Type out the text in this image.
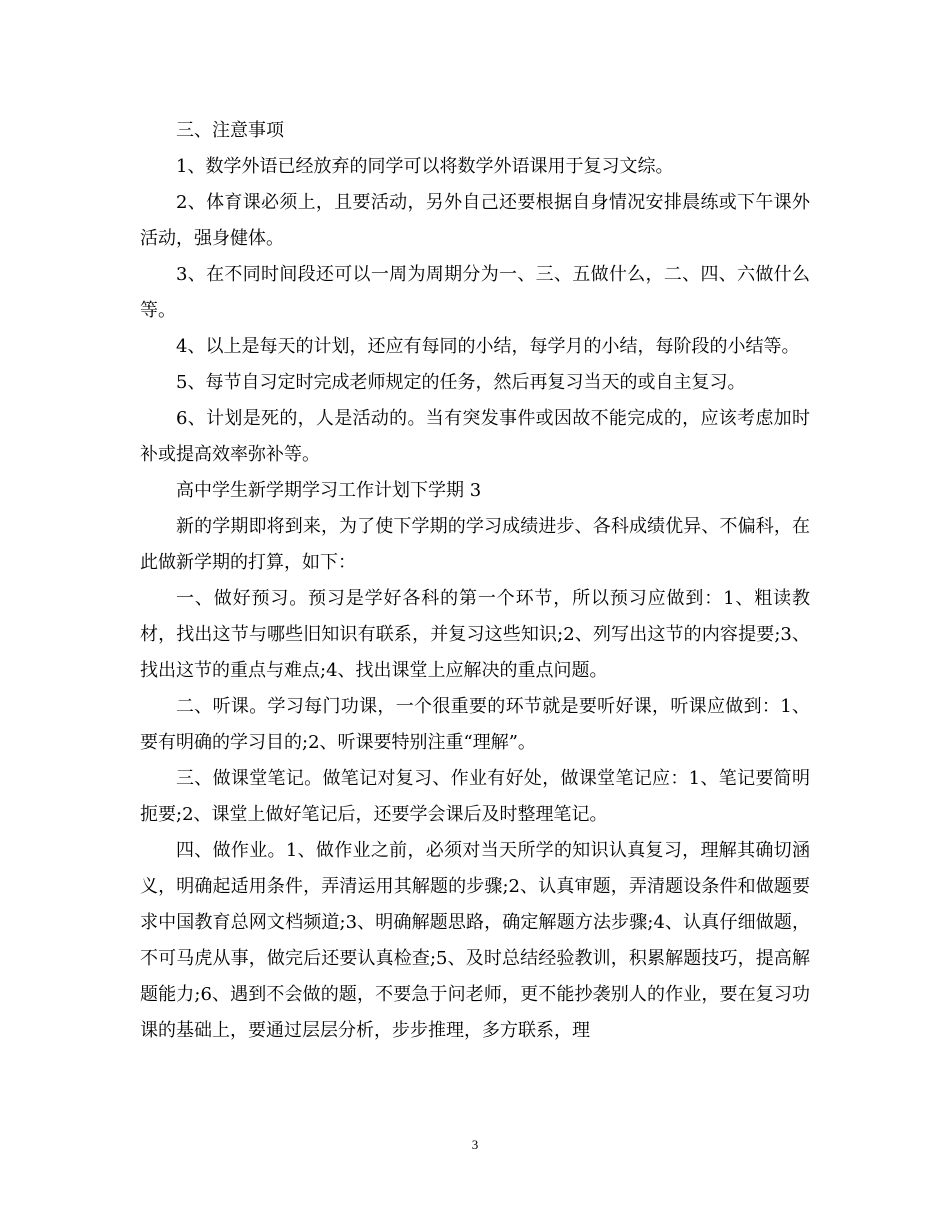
三、注意事项

1、数学外语已经放弃的同学可以将数学外语课用于复习文综。

2、体育课必须上，且要活动，另外自己还要根据自身情况安排晨练或下午课外活动，强身健体。

3、在不同时间段还可以一周为周期分为一、三、五做什么，二、四、六做什么等。

4、以上是每天的计划，还应有每同的小结，每学月的小结，每阶段的小结等。

5、每节自习定时完成老师规定的任务，然后再复习当天的或自主复习。

6、计划是死的，人是活动的。当有突发事件或因故不能完成的，应该考虑加时补或提高效率弥补等。

高中学生新学期学习工作计划下学期 3

新的学期即将到来，为了使下学期的学习成绩进步、各科成绩优异、不偏科，在此做新学期的打算，如下：

一、做好预习。预习是学好各科的第一个环节，所以预习应做到：1、粗读教材，找出这节与哪些旧知识有联系，并复习这些知识;2、列写出这节的内容提要;3、找出这节的重点与难点;4、找出课堂上应解决的重点问题。

二、听课。学习每门功课，一个很重要的环节就是要听好课，听课应做到：1、要有明确的学习目的;2、听课要特别注重“理解”。

三、做课堂笔记。做笔记对复习、作业有好处，做课堂笔记应：1、笔记要简明扼要;2、课堂上做好笔记后，还要学会课后及时整理笔记。

四、做作业。1、做作业之前，必须对当天所学的知识认真复习，理解其确切涵义，明确起适用条件，弄清运用其解题的步骤;2、认真审题，弄清题设条件和做题要求中国教育总网文档频道;3、明确解题思路，确定解题方法步骤;4、认真仔细做题，不可马虎从事，做完后还要认真检查;5、及时总结经验教训，积累解题技巧，提高解题能力;6、遇到不会做的题，不要急于问老师，更不能抄袭别人的作业，要在复习功课的基础上，要通过层层分析，步步推理，多方联系，理

3
